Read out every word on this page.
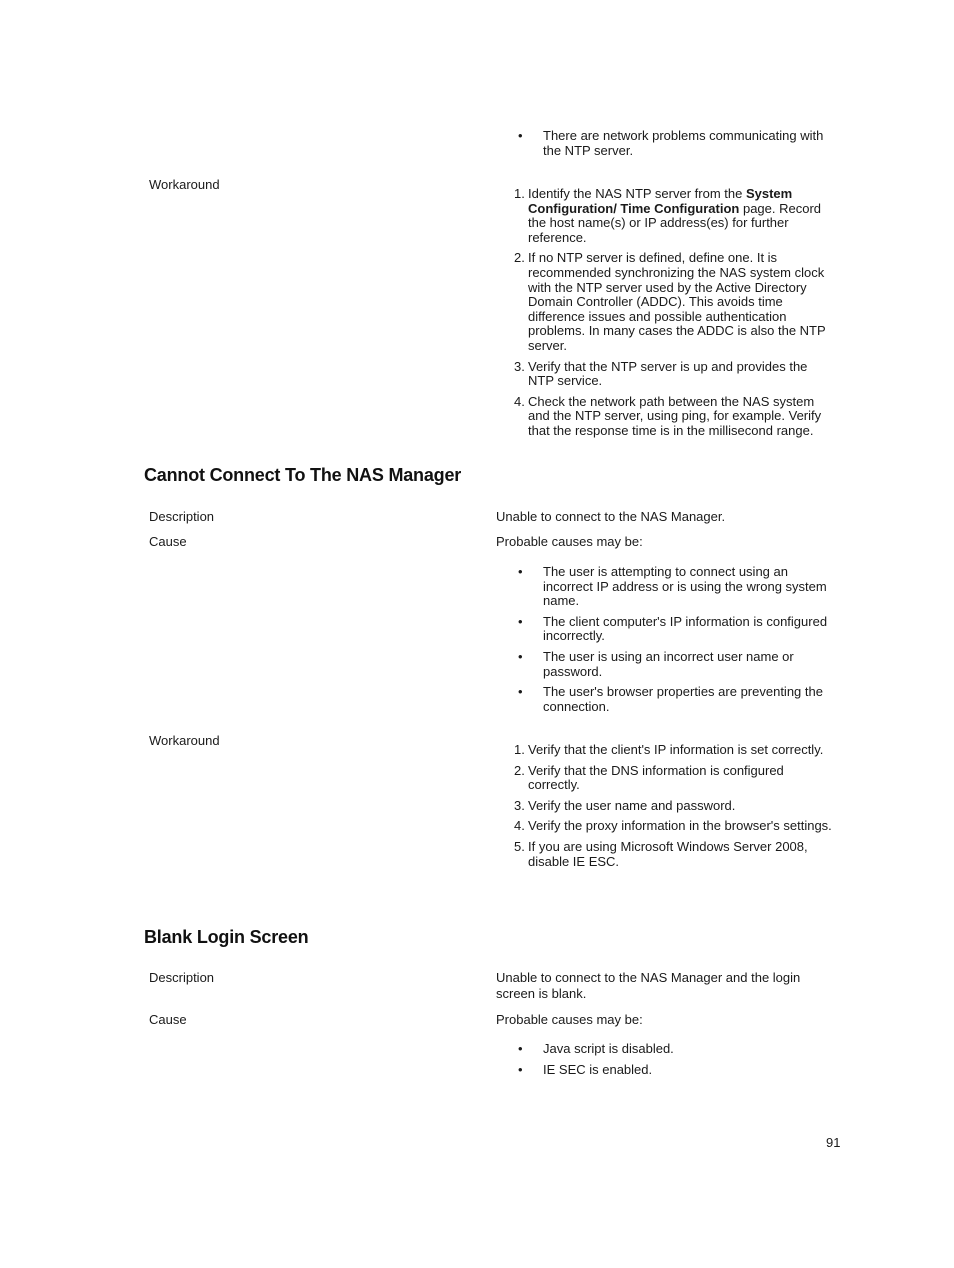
• There are network problems communicating with the NTP server.
Workaround
1. Identify the NAS NTP server from the System Configuration/ Time Configuration page. Record the host name(s) or IP address(es) for further reference.
2. If no NTP server is defined, define one. It is recommended synchronizing the NAS system clock with the NTP server used by the Active Directory Domain Controller (ADDC). This avoids time difference issues and possible authentication problems. In many cases the ADDC is also the NTP server.
3. Verify that the NTP server is up and provides the NTP service.
4. Check the network path between the NAS system and the NTP server, using ping, for example. Verify that the response time is in the millisecond range.
Cannot Connect To The NAS Manager
Description	Unable to connect to the NAS Manager.
Cause	Probable causes may be:
• The user is attempting to connect using an incorrect IP address or is using the wrong system name.
• The client computer's IP information is configured incorrectly.
• The user is using an incorrect user name or password.
• The user's browser properties are preventing the connection.
Workaround
1. Verify that the client's IP information is set correctly.
2. Verify that the DNS information is configured correctly.
3. Verify the user name and password.
4. Verify the proxy information in the browser's settings.
5. If you are using Microsoft Windows Server 2008, disable IE ESC.
Blank Login Screen
Description	Unable to connect to the NAS Manager and the login screen is blank.
Cause	Probable causes may be:
• Java script is disabled.
• IE SEC is enabled.
91
